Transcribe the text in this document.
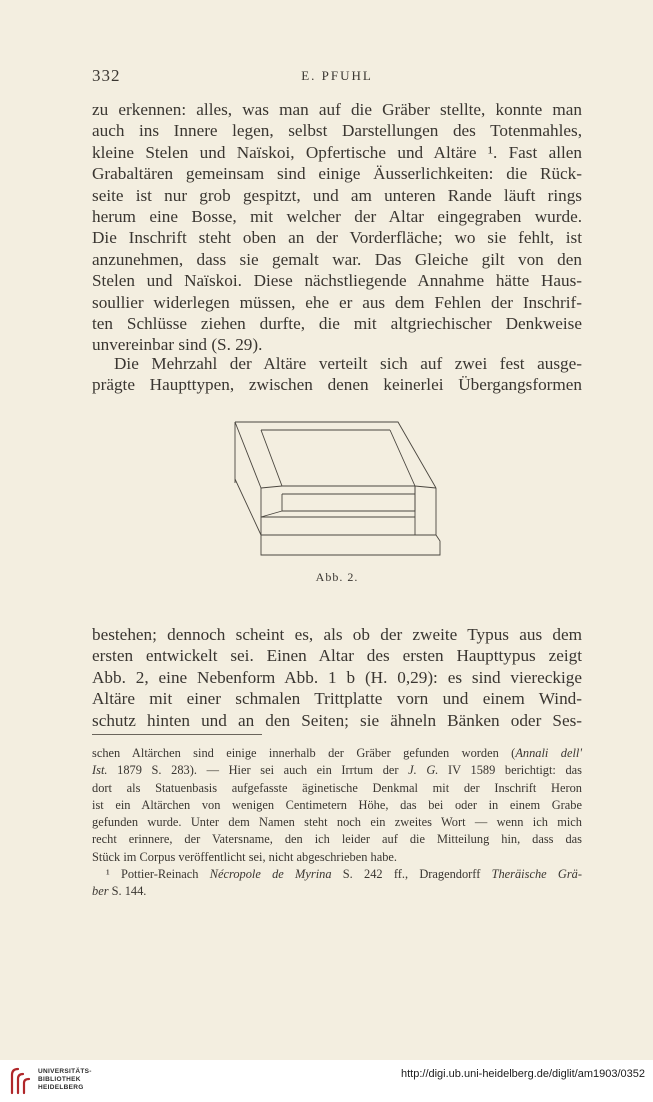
332	E. PFUHL
zu erkennen: alles, was man auf die Gräber stellte, konnte man
auch ins Innere legen, selbst Darstellungen des Totenmahles,
kleine Stelen und Naïskoi, Opfertische und Altäre ¹. Fast allen
Grabaltären gemeinsam sind einige Äusserlichkeiten: die Rück-
seite ist nur grob gespitzt, und am unteren Rande läuft rings
herum eine Bosse, mit welcher der Altar eingegraben wurde.
Die Inschrift steht oben an der Vorderfläche; wo sie fehlt, ist
anzunehmen, dass sie gemalt war. Das Gleiche gilt von den
Stelen und Naïskoi. Diese nächstliegende Annahme hätte Haus-
soullier widerlegen müssen, ehe er aus dem Fehlen der Inschrif-
ten Schlüsse ziehen durfte, die mit altgriechischer Denkweise
unvereinbar sind (S. 29).
Die Mehrzahl der Altäre verteilt sich auf zwei fest ausge-
prägte Haupttypen, zwischen denen keinerlei Übergangsformen
Abb. 2.
bestehen; dennoch scheint es, als ob der zweite Typus aus dem
ersten entwickelt sei. Einen Altar des ersten Haupttypus zeigt
Abb. 2, eine Nebenform Abb. 1 b (H. 0,29): es sind viereckige
Altäre mit einer schmalen Trittplatte vorn und einem Wind-
schutz hinten und an den Seiten; sie ähneln Bänken oder Ses-
schen Altärchen sind einige innerhalb der Gräber gefunden worden (Annali dell'
Ist. 1879 S. 283). — Hier sei auch ein Irrtum der J. G. IV 1589 berichtigt: das
dort als Statuenbasis aufgefasste äginetische Denkmal mit der Inschrift Heron
ist ein Altärchen von wenigen Centimetern Höhe, das bei oder in einem Grabe
gefunden wurde. Unter dem Namen steht noch ein zweites Wort — wenn ich mich
recht erinnere, der Vatersname, den ich leider auf die Mitteilung hin, dass das
Stück im Corpus veröffentlicht sei, nicht abgeschrieben habe.
¹ Pottier-Reinach Nécropole de Myrina S. 242 ff., Dragendorff Theräische Grä-
ber S. 144.
UNIVERSITÄTS-
BIBLIOTHEK
HEIDELBERG
http://digi.ub.uni-heidelberg.de/diglit/am1903/0352
